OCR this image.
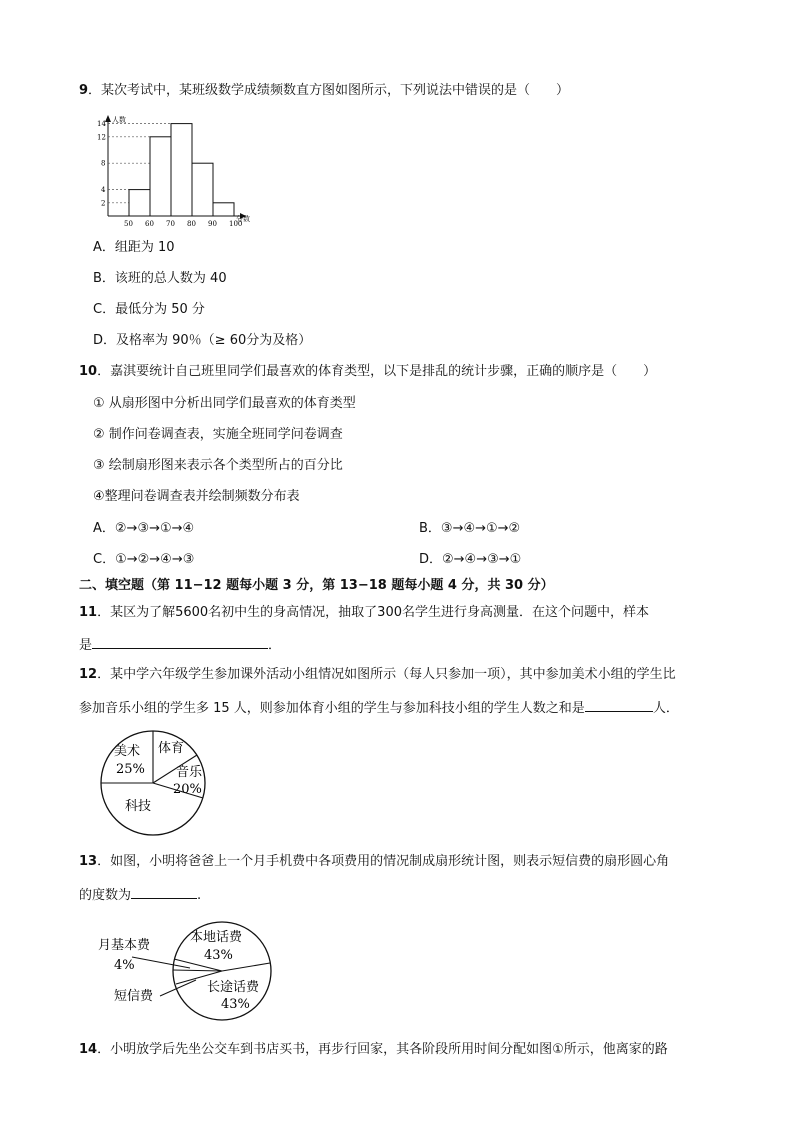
9．某次考试中，某班级数学成绩频数直方图如图所示，下列说法中错误的是（　　）
人数
分数
50 60 70 80 90 100
2
4
8
12
14
A．组距为 10
B．该班的总人数为 40
C．最低分为 50 分
D．及格率为 90％（≥ 60分为及格）
10．嘉淇要统计自己班里同学们最喜欢的体育类型，以下是排乱的统计步骤，正确的顺序是（　　）
① 从扇形图中分析出同学们最喜欢的体育类型
② 制作问卷调查表，实施全班同学问卷调查
③ 绘制扇形图来表示各个类型所占的百分比
④整理问卷调查表并绘制频数分布表
A．②→③→①→④	B．③→④→①→②
C．①→②→④→③	D．②→④→③→①
二、填空题（第 11−12 题每小题 3 分，第 13−18 题每小题 4 分，共 30 分）
11．某区为了解5600名初中生的身高情况，抽取了300名学生进行身高测量．在这个问题中，样本
是	．
12．某中学六年级学生参加课外活动小组情况如图所示（每人只参加一项），其中参加美术小组的学生比
参加音乐小组的学生多 15 人，则参加体育小组的学生与参加科技小组的学生人数之和是	人．
美术
25%
体育
音乐
20%
科技
13．如图，小明将爸爸上一个月手机费中各项费用的情况制成扇形统计图，则表示短信费的扇形圆心角
的度数为	.
本地话费
43%
长途话费
43%
月基本费
4%
短信费
14．小明放学后先坐公交车到书店买书，再步行回家，其各阶段所用时间分配如图①所示，他离家的路
